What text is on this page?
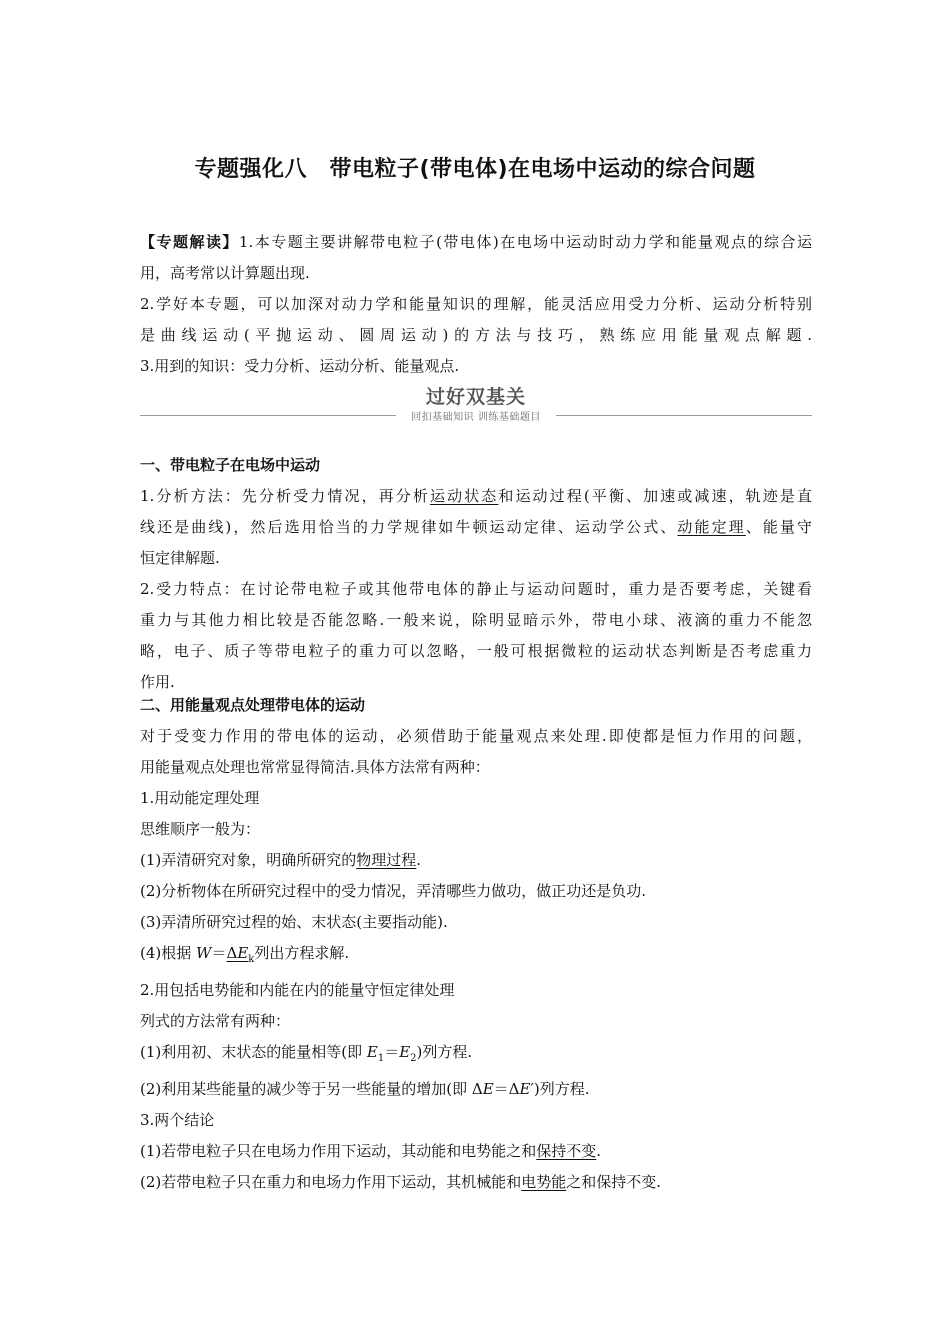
专题强化八　带电粒子(带电体)在电场中运动的综合问题
【专题解读】1.本专题主要讲解带电粒子(带电体)在电场中运动时动力学和能量观点的综合运
用，高考常以计算题出现.
2.学好本专题，可以加深对动力学和能量知识的理解，能灵活应用受力分析、运动分析特别
是曲线运动(平抛运动、圆周运动)的方法与技巧，熟练应用能量观点解题.
3.用到的知识：受力分析、运动分析、能量观点.
过好双基关
回扣基础知识 训练基础题目
一、带电粒子在电场中运动
1.分析方法：先分析受力情况，再分析运动状态和运动过程(平衡、加速或减速，轨迹是直
线还是曲线)，然后选用恰当的力学规律如牛顿运动定律、运动学公式、动能定理、能量守
恒定律解题.
2.受力特点：在讨论带电粒子或其他带电体的静止与运动问题时，重力是否要考虑，关键看
重力与其他力相比较是否能忽略.一般来说，除明显暗示外，带电小球、液滴的重力不能忽
略，电子、质子等带电粒子的重力可以忽略，一般可根据微粒的运动状态判断是否考虑重力
作用.
二、用能量观点处理带电体的运动
对于受变力作用的带电体的运动，必须借助于能量观点来处理.即使都是恒力作用的问题，
用能量观点处理也常常显得简洁.具体方法常有两种：
1.用动能定理处理
思维顺序一般为：
(1)弄清研究对象，明确所研究的物理过程.
(2)分析物体在所研究过程中的受力情况，弄清哪些力做功，做正功还是负功.
(3)弄清所研究过程的始、末状态(主要指动能).
(4)根据 $W=\Delta E_k$列出方程求解.
2.用包括电势能和内能在内的能量守恒定律处理
列式的方法常有两种：
(1)利用初、末状态的能量相等(即 $E_1=E_2$)列方程.
(2)利用某些能量的减少等于另一些能量的增加(即 ΔE＝ΔE′)列方程.
3.两个结论
(1)若带电粒子只在电场力作用下运动，其动能和电势能之和保持不变.
(2)若带电粒子只在重力和电场力作用下运动，其机械能和电势能之和保持不变.
